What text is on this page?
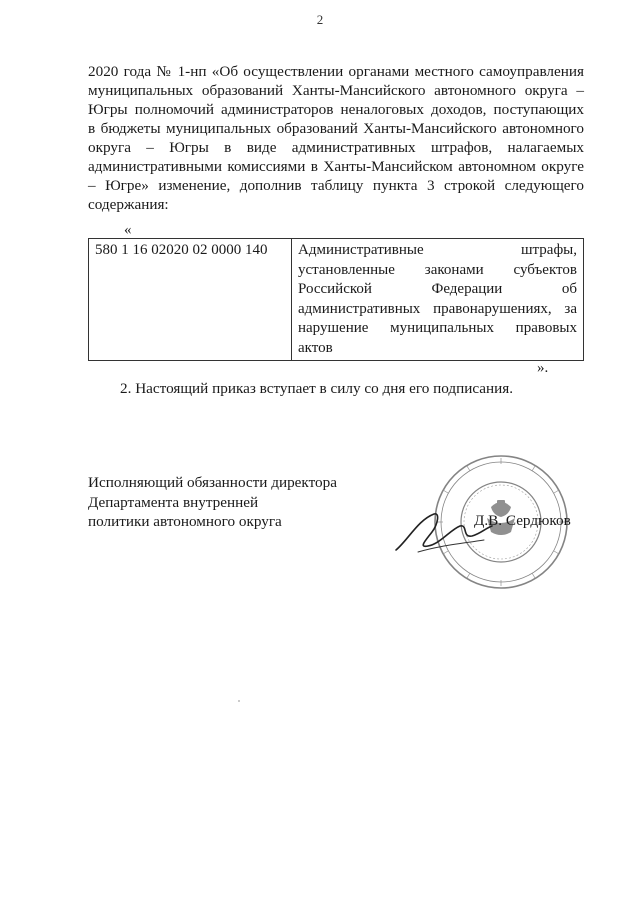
2
2020 года № 1-нп «Об осуществлении органами местного самоуправления
муниципальных образований Ханты-Мансийского автономного округа –
Югры полномочий администраторов неналоговых доходов, поступающих
в бюджеты муниципальных образований Ханты-Мансийского автономного
округа – Югры в виде административных штрафов, налагаемых
административными комиссиями в Ханты-Мансийском автономном округе
– Югре» изменение, дополнив таблицу пункта 3 строкой следующего
содержания:
«
580 1 16 02020 02 0000 140	Административные штрафы,
установленные законами субъектов
Российской Федерации об
административных правонарушениях, за
нарушение муниципальных правовых
актов
».
2. Настоящий приказ вступает в силу со дня его подписания.
Исполняющий обязанности директора
Департамента внутренней
политики автономного округа	Д.В. Сердюков
